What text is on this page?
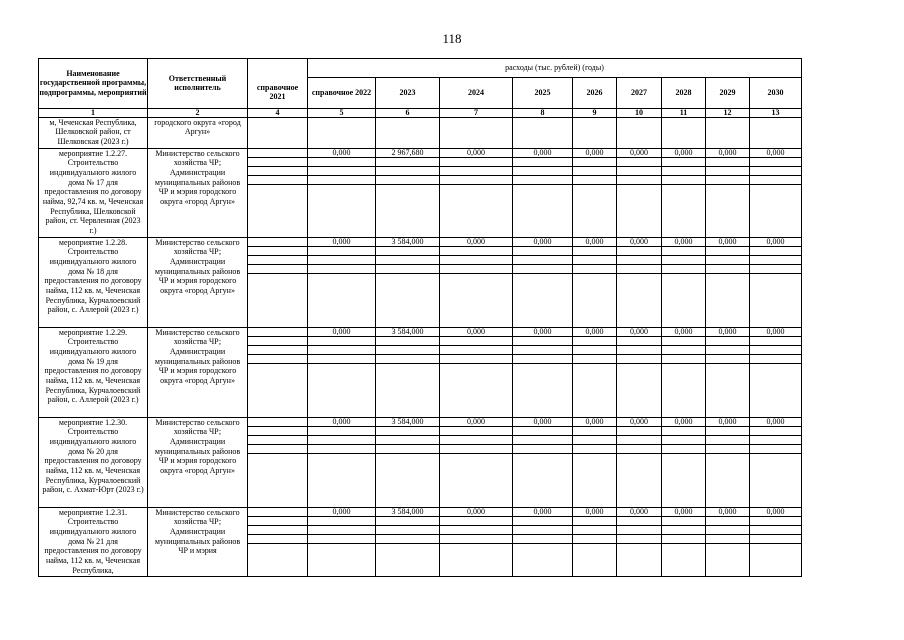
118
Наименование государственной программы, подпрограммы, мероприятий	Ответственный исполнитель		расходы (тыс. рублей) (годы)								
		справочное 2021	справочное 2022	2023	2024	2025	2026	2027	2028	2029	2030
1	2	4	5	6	7	8	9	10	11	12	13
м, Чеченская Республика, Шелковской район, ст Шелковская (2023 г.)	городского округа «город Аргун»										
мероприятие 1.2.27. Строительство индивидуального жилого дома № 17 для предоставления по договору найма, 92,74 кв. м, Чеченская Республика, Шелковской район, ст. Червленная (2023 г.)	Министерство сельского хозяйства ЧР; Администрации муниципальных районов ЧР и мэрия городского округа «город Аргун»		0,000	2 967,680	0,000	0,000	0,000	0,000	0,000	0,000	0,000

мероприятие 1.2.28. Строительство индивидуального жилого дома № 18 для предоставления по договору найма, 112 кв. м, Чеченская Республика, Курчалоевский район, с. Аллерой (2023 г.)	Министерство сельского хозяйства ЧР; Администрации муниципальных районов ЧР и мэрия городского округа «город Аргун»		0,000	3 584,000	0,000	0,000	0,000	0,000	0,000	0,000	0,000

мероприятие 1.2.29. Строительство индивидуального жилого дома № 19 для предоставления по договору найма, 112 кв. м, Чеченская Республика, Курчалоевский район, с. Аллерой (2023 г.)	Министерство сельского хозяйства ЧР; Администрации муниципальных районов ЧР и мэрия городского округа «город Аргун»		0,000	3 584,000	0,000	0,000	0,000	0,000	0,000	0,000	0,000

мероприятие 1.2.30. Строительство индивидуального жилого дома № 20 для предоставления по договору найма, 112 кв. м, Чеченская Республика, Курчалоевский район, с. Ахмат-Юрт (2023 г.)	Министерство сельского хозяйства ЧР; Администрации муниципальных районов ЧР и мэрия городского округа «город Аргун»		0,000	3 584,000	0,000	0,000	0,000	0,000	0,000	0,000	0,000

мероприятие 1.2.31. Строительство индивидуального жилого дома № 21 для предоставления по договору найма, 112 кв. м, Чеченская Республика,	Министерство сельского хозяйства ЧР; Администрации муниципальных районов ЧР и мэрия		0,000	3 584,000	0,000	0,000	0,000	0,000	0,000	0,000	0,000
